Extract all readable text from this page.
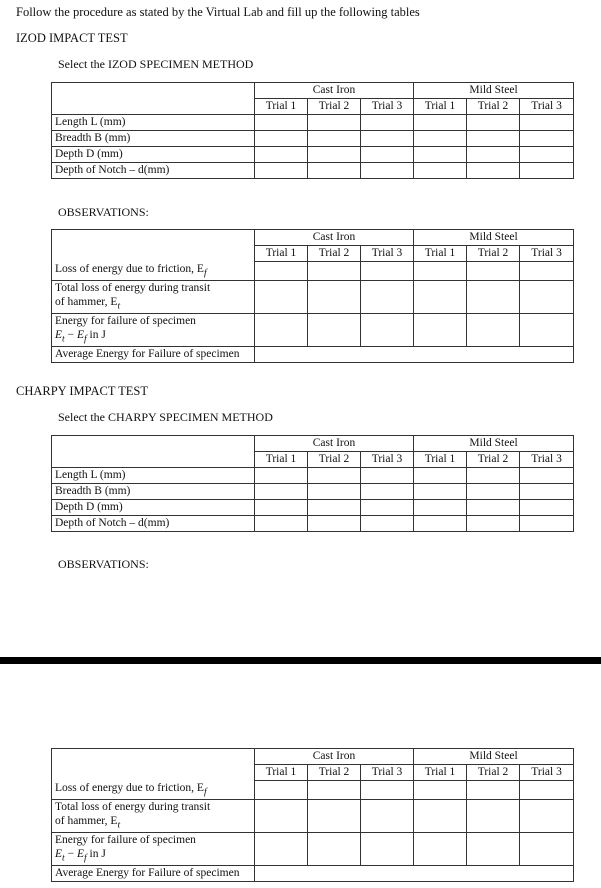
Follow the procedure as stated by the Virtual Lab and fill up the following tables
IZOD IMPACT TEST
Select the IZOD SPECIMEN METHOD
	Cast Iron			Mild Steel		
	Trial 1	Trial 2	Trial 3	Trial 1	Trial 2	Trial 3
Length L (mm)						
Breadth B (mm)						
Depth D (mm)						
Depth of Notch – d(mm)						
OBSERVATIONS:
	Cast Iron			Mild Steel		
	Trial 1	Trial 2	Trial 3	Trial 1	Trial 2	Trial 3
Loss of energy due to friction, $E_f$						
Total loss of energy during transit
of hammer, $E_t$						
Energy for failure of specimen
$E_t - E_f$ in J						
Average Energy for Failure of specimen						
CHARPY IMPACT TEST
Select the CHARPY SPECIMEN METHOD
	Cast Iron			Mild Steel		
	Trial 1	Trial 2	Trial 3	Trial 1	Trial 2	Trial 3
Length L (mm)						
Breadth B (mm)						
Depth D (mm)						
Depth of Notch – d(mm)						
OBSERVATIONS:
	Cast Iron			Mild Steel		
	Trial 1	Trial 2	Trial 3	Trial 1	Trial 2	Trial 3
Loss of energy due to friction, $E_f$						
Total loss of energy during transit
of hammer, $E_t$						
Energy for failure of specimen
$E_t - E_f$ in J						
Average Energy for Failure of specimen						
